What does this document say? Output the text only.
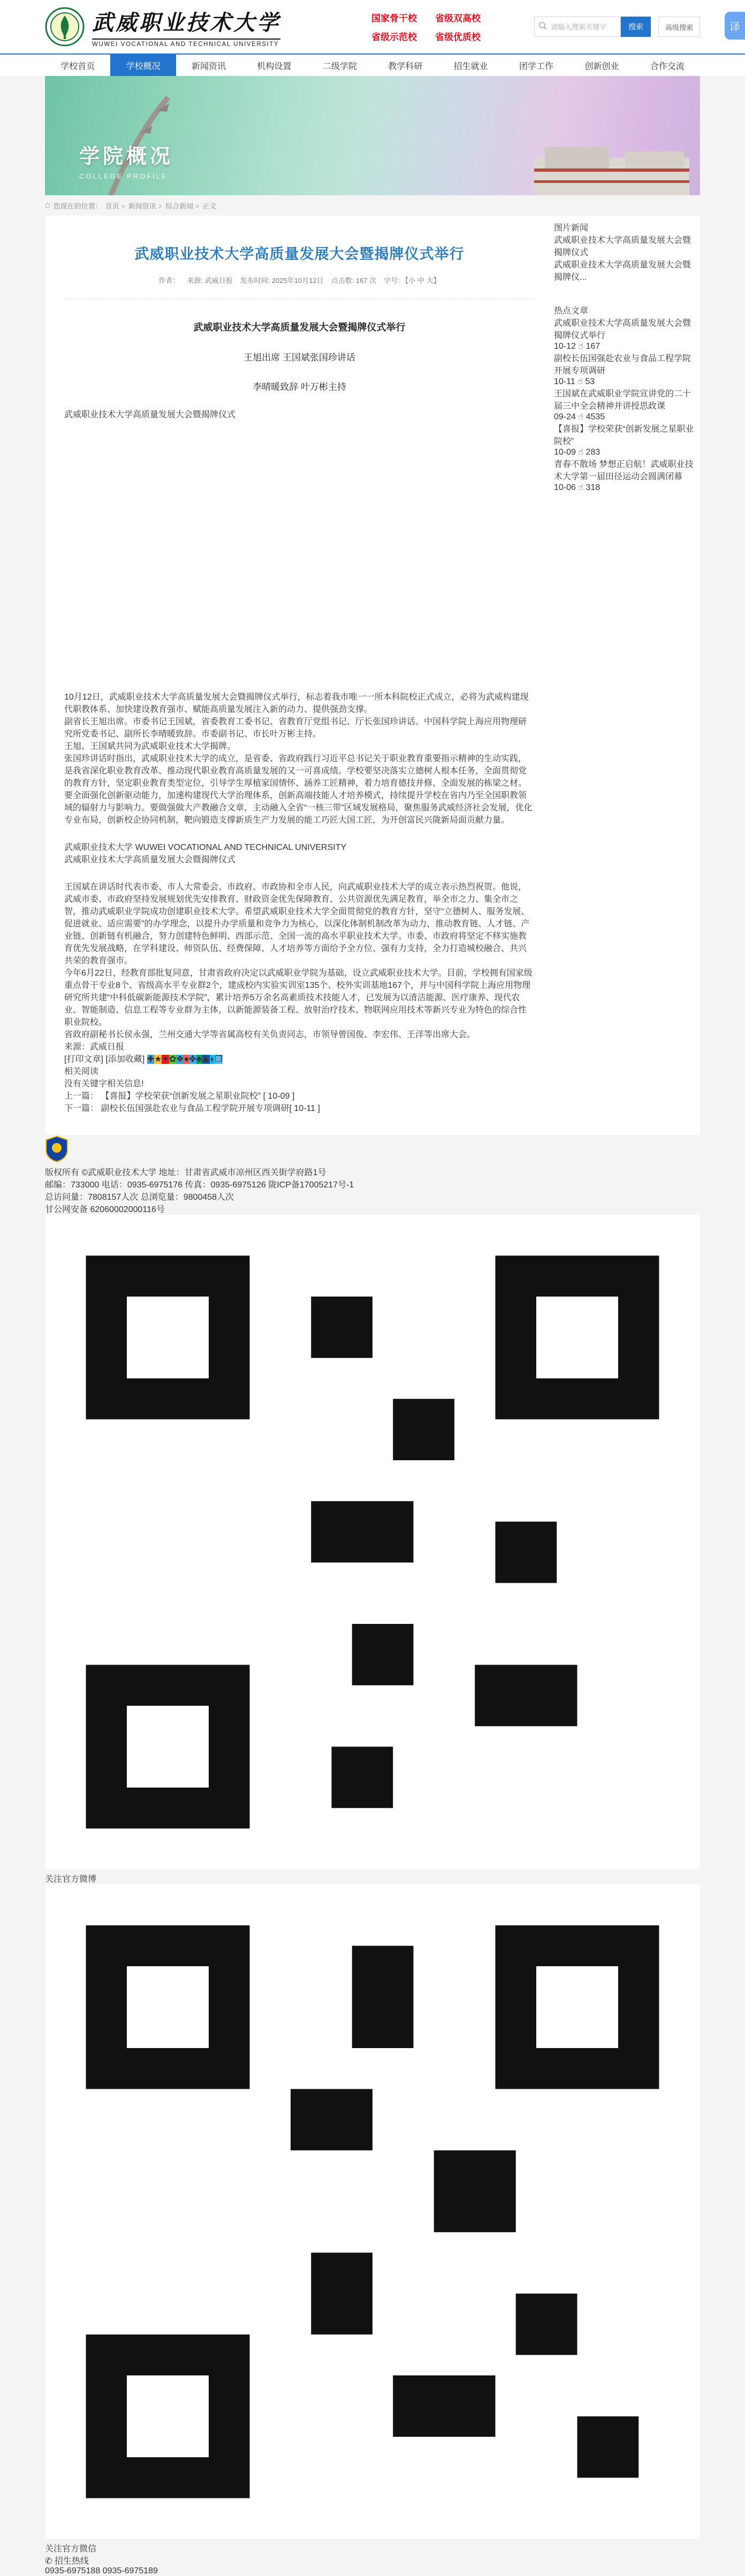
武威职业技术大学
WUWEI VOCATIONAL AND TECHNICAL UNIVERSITY
国家骨干校 省级双高校
省级示范校 省级优质校
请输入搜索关键字
搜索	高级搜索	译
学校首页	学校概况	新闻资讯	机构设置	二级学院	教学科研	招生就业	团学工作	创新创业	合作交流
学院概况
COLLEGE PROFILE
⌂ 您现在的位置： 首页 > 新闻资讯 > 综合新闻 > 正文
武威职业技术大学高质量发展大会暨揭牌仪式举行
作者： 来源: 武威日报 发布时间: 2025年10月12日 点击数: 167 次 字号: 【小 中 大】
武威职业技术大学高质量发展大会暨揭牌仪式举行
王旭出席 王国斌张国珍讲话
李晴暖致辞 叶万彬主持
武威职业技术大学高质量发展大会暨揭牌仪式

10月12日，武威职业技术大学高质量发展大会暨揭牌仪式举行，标志着我市唯一一所本科院校正式成立，必将为武威构建现代职教体系、加快建设教育强市、赋能高质量发展注入新的动力、提供强劲支撑。

副省长王旭出席。市委书记王国斌，省委教育工委书记、省教育厅党组书记、厅长张国珍讲话。中国科学院上海应用物理研究所党委书记、副所长李晴暖致辞。市委副书记、市长叶万彬主持。

王旭、王国斌共同为武威职业技术大学揭牌。

张国珍讲话时指出，武威职业技术大学的成立，是省委、省政府践行习近平总书记关于职业教育重要指示精神的生动实践，是我省深化职业教育改革、推动现代职业教育高质量发展的又一可喜成绩。学校要坚决落实立德树人根本任务，全面贯彻党的教育方针，坚定职业教育类型定位，引导学生厚植家国情怀、涵养工匠精神，着力培育德技并修、全面发展的栋梁之材。要全面强化创新驱动能力，加速构建现代大学治理体系，创新高端技能人才培养模式，持续提升学校在省内乃至全国职教领域的辐射力与影响力。要做强做大产教融合文章，主动融入全省“一核三带”区域发展格局，聚焦服务武威经济社会发展，优化专业布局，创新校企协同机制，靶向锻造支撑新质生产力发展的能工巧匠大国工匠，为开创富民兴陇新局面贡献力量。

武威职业技术大学 WUWEI VOCATIONAL AND TECHNICAL UNIVERSITY
武威职业技术大学高质量发展大会暨揭牌仪式

王国斌在讲话时代表市委、市人大常委会、市政府、市政协和全市人民，向武威职业技术大学的成立表示热烈祝贺。他说，武威市委、市政府坚持发展规划优先安排教育、财政资金优先保障教育、公共资源优先满足教育，举全市之力、集全市之智，推动武威职业学院成功创建职业技术大学。希望武威职业技术大学全面贯彻党的教育方针，坚守“立德树人、服务发展、促进就业、适应需要”的办学理念，以提升办学质量和竞争力为核心，以深化体制机制改革为动力，推动教育链、人才链、产业链、创新链有机融合，努力创建特色鲜明、西部示范、全国一流的高水平职业技术大学。市委、市政府将坚定不移实施教育优先发展战略，在学科建设、师资队伍、经费保障、人才培养等方面给予全方位、强有力支持，全力打造城校融合、共兴共荣的教育强市。

今年6月22日，经教育部批复同意，甘肃省政府决定以武威职业学院为基础，设立武威职业技术大学。目前，学校拥有国家级重点骨干专业8个、省级高水平专业群2个，建成校内实验实训室135个、校外实训基地167个，并与中国科学院上海应用物理研究所共建“中科低碳新能源技术学院”，累计培养5万余名高素质技术技能人才，已发展为以清洁能源、医疗康养、现代农业、智能制造、信息工程等专业群为主体，以新能源装备工程、放射治疗技术、物联网应用技术等新兴专业为特色的综合性职业院校。

省政府副秘书长侯永强，兰州交通大学等省属高校有关负责同志，市领导曾国俊、李宏伟、王洋等出席大会。

来源：武威日报
[打印文章] [添加收藏] ✚★✦✿❖●✤♣♟◗❐
相关阅读
没有关键字相关信息!
上一篇： 【喜报】学校荣获“创新发展之星职业院校” [ 10-09 ]
下一篇： 副校长伍国强赴农业与食品工程学院开展专项调研[ 10-11 ]
图片新闻
武威职业技术大学高质量发展大会暨揭牌仪式
武威职业技术大学高质量发展大会暨揭牌仪...
热点文章
武威职业技术大学高质量发展大会暨揭牌仪式举行
10-12 ☝ 167
副校长伍国强赴农业与食品工程学院开展专项调研
10-11 ☝ 53
王国斌在武威职业学院宣讲党的二十届三中全会精神并讲授思政课
09-24 ☝ 4535
【喜报】学校荣获“创新发展之星职业院校”
10-09 ☝ 283
青春不散场 梦想正启航！武威职业技术大学第一届田径运动会圆满闭幕
10-06 ☝ 318
版权所有 ©武威职业技术大学 地址：甘肃省武威市凉州区西关街学府路1号
邮编：733000 电话：0935-6975176 传真：0935-6975126 陇ICP备17005217号-1
总访问量：7808157人次 总浏览量：9800458人次
甘公网安备 62060002000116号
关注官方微博
关注官方微信
✆ 招生热线
0935-6975188 0935-6975189
